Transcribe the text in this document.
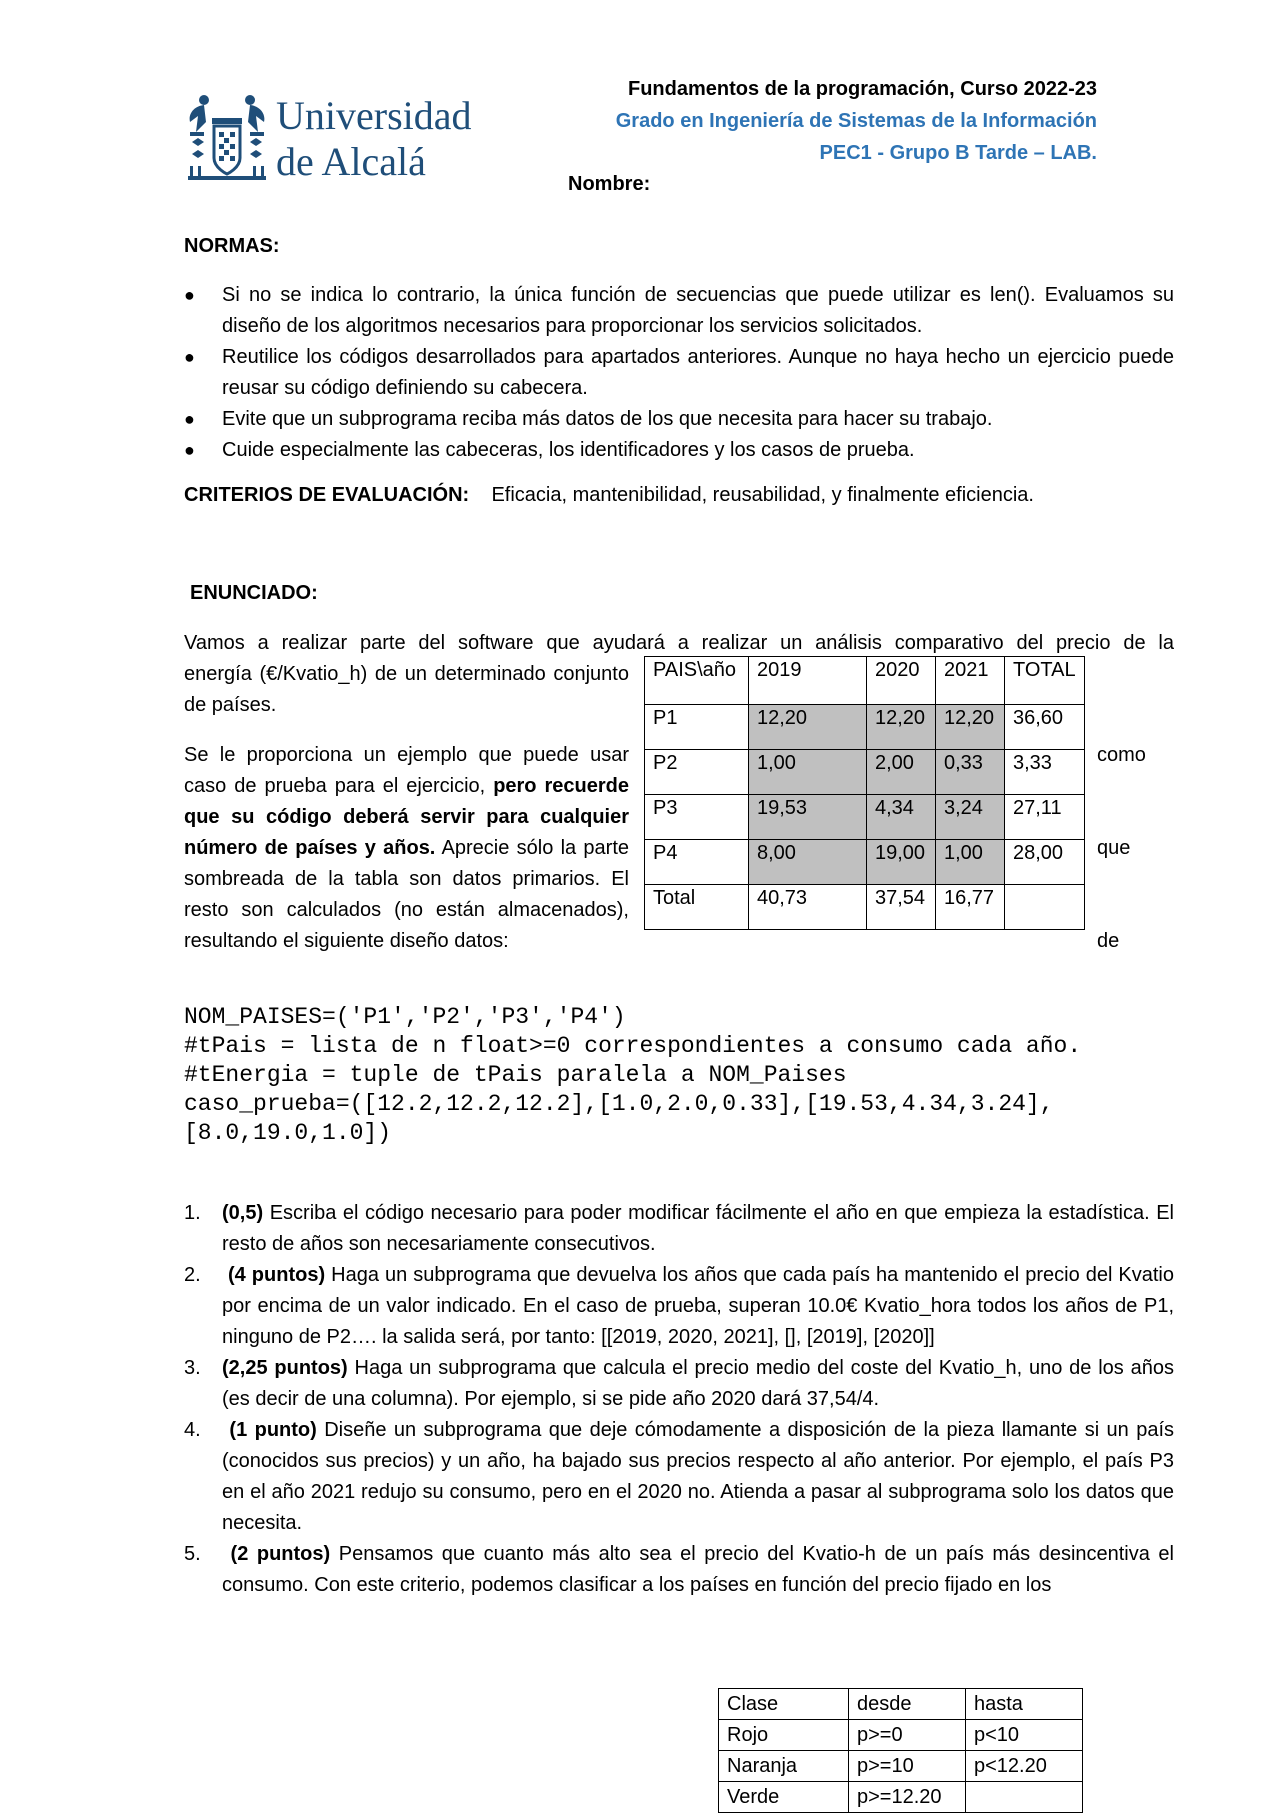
Universidad
de Alcalá
Fundamentos de la programación, Curso 2022-23
Grado en Ingeniería de Sistemas de la Información
PEC1 - Grupo B Tarde – LAB.
Nombre:
NORMAS:
●	Si no se indica lo contrario, la única función de secuencias que puede utilizar es len(). Evaluamos su diseño de los algoritmos necesarios para proporcionar los servicios solicitados.
●	Reutilice los códigos desarrollados para apartados anteriores. Aunque no haya hecho un ejercicio puede reusar su código definiendo su cabecera.
●	Evite que un subprograma reciba más datos de los que necesita para hacer su trabajo.
●	Cuide especialmente las cabeceras, los identificadores y los casos de prueba.
CRITERIOS DE EVALUACIÓN: Eficacia, mantenibilidad, reusabilidad, y finalmente eficiencia.
ENUNCIADO:
Vamos a realizar parte del software que ayudará a realizar un análisis comparativo del precio de la
energía (€/Kvatio_h) de un determinado conjunto de países.
Se le proporciona un ejemplo que puede usar caso de prueba para el ejercicio, pero recuerde que su código deberá servir para cualquier número de países y años. Aprecie sólo la parte sombreada de la tabla son datos primarios. El resto son calculados (no están almacenados), resultando el siguiente diseño datos:
como
que
de
PAIS\año	2019	2020	2021	TOTAL
P1	12,20	12,20	12,20	36,60
P2	1,00	2,00	0,33	3,33
P3	19,53	4,34	3,24	27,11
P4	8,00	19,00	1,00	28,00
Total	40,73	37,54	16,77	
NOM_PAISES=('P1','P2','P3','P4')
#tPais = lista de n float>=0 correspondientes a consumo cada año.
#tEnergia = tuple de tPais paralela a NOM_Paises
caso_prueba=([12.2,12.2,12.2],[1.0,2.0,0.33],[19.53,4.34,3.24],
[8.0,19.0,1.0])
1.	(0,5) Escriba el código necesario para poder modificar fácilmente el año en que empieza la estadística. El resto de años son necesariamente consecutivos.
2.	(4 puntos) Haga un subprograma que devuelva los años que cada país ha mantenido el precio del Kvatio por encima de un valor indicado. En el caso de prueba, superan 10.0€ Kvatio_hora todos los años de P1, ninguno de P2…. la salida será, por tanto: [[2019, 2020, 2021], [], [2019], [2020]]
3.	(2,25 puntos) Haga un subprograma que calcula el precio medio del coste del Kvatio_h, uno de los años (es decir de una columna). Por ejemplo, si se pide año 2020 dará 37,54/4.
4.	(1 punto) Diseñe un subprograma que deje cómodamente a disposición de la pieza llamante si un país (conocidos sus precios) y un año, ha bajado sus precios respecto al año anterior. Por ejemplo, el país P3 en el año 2021 redujo su consumo, pero en el 2020 no. Atienda a pasar al subprograma solo los datos que necesita.
5.	(2 puntos) Pensamos que cuanto más alto sea el precio del Kvatio-h de un país más desincentiva el consumo. Con este criterio, podemos clasificar a los países en función del precio fijado en los
Clase	desde	hasta
Rojo	p>=0	p<10
Naranja	p>=10	p<12.20
Verde	p>=12.20	
